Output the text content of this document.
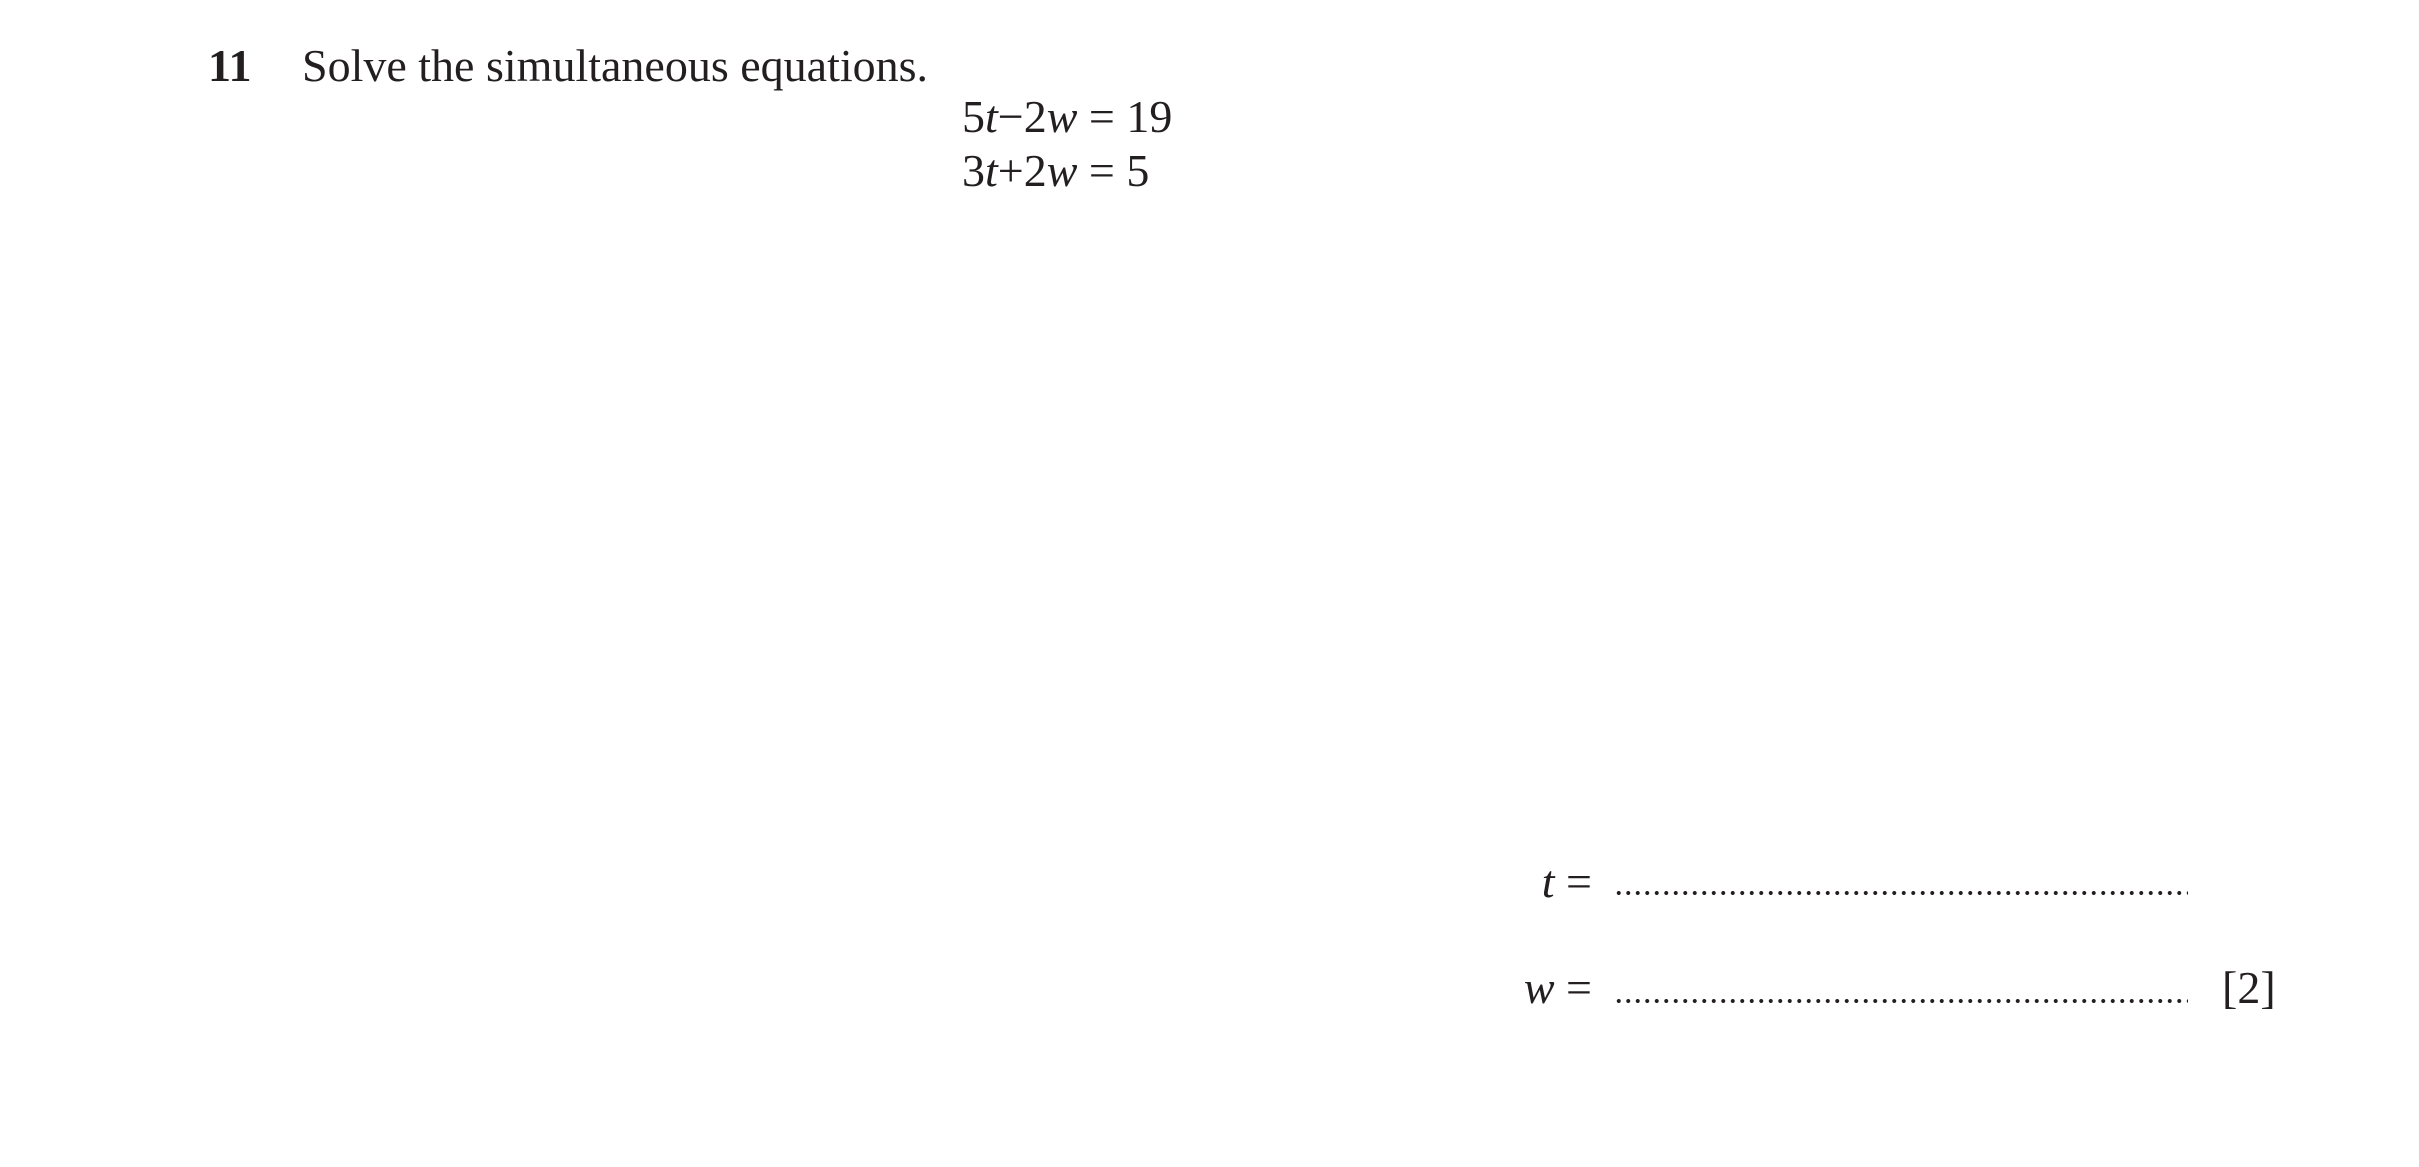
11 Solve the simultaneous equations.
5t−2w = 19
3t+2w = 5
t =
w =	[2]
